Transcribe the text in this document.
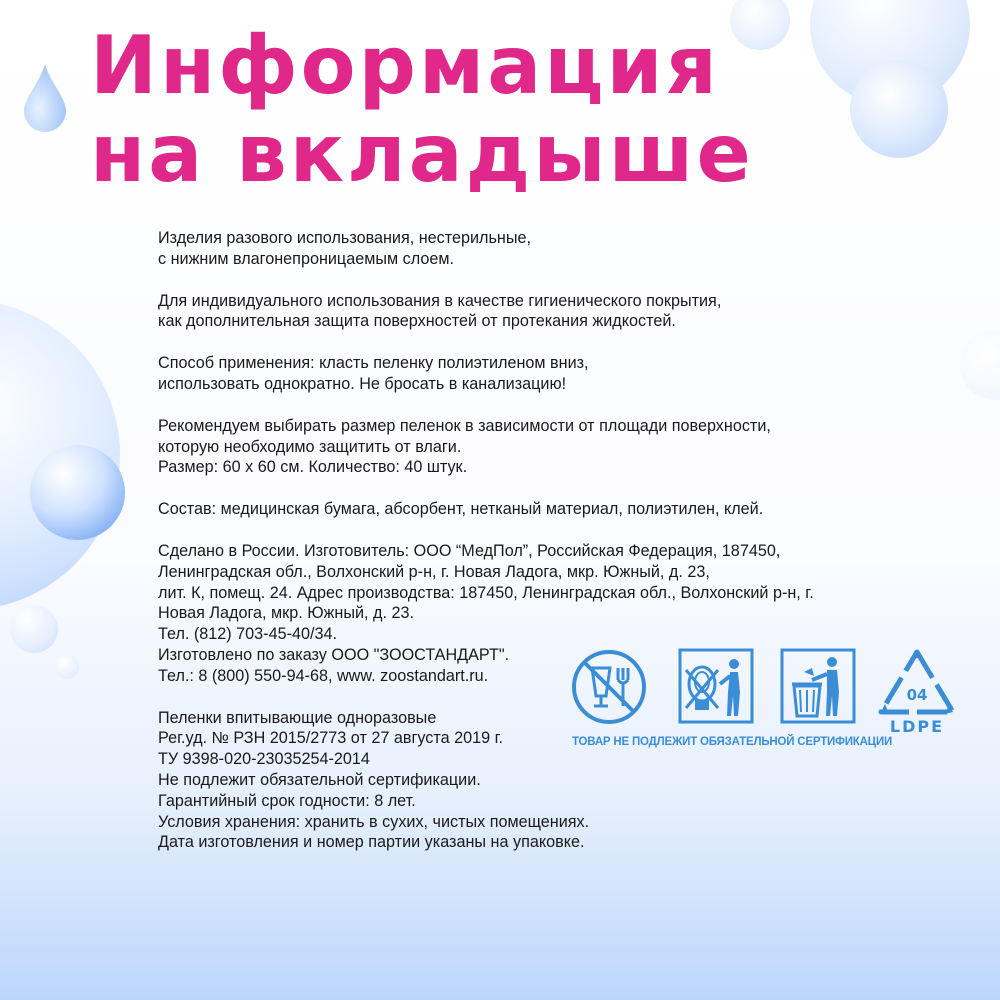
Информация
на вкладыше

Изделия разового использования, нестерильные,
с нижним влагонепроницаемым слоем.

Для индивидуального использования в качестве гигиенического покрытия,
как дополнительная защита поверхностей от протекания жидкостей.

Способ применения: класть пеленку полиэтиленом вниз,
использовать однократно. Не бросать в канализацию!

Рекомендуем выбирать размер пеленок в зависимости от площади поверхности,
которую необходимо защитить от влаги.
Размер: 60 х 60 см. Количество: 40 штук.

Состав: медицинская бумага, абсорбент, нетканый материал, полиэтилен, клей.

Сделано в России. Изготовитель: ООО “МедПол”, Российская Федерация, 187450,
Ленинградская обл., Волхонский р-н, г. Новая Ладога, мкр. Южный, д. 23,
лит. К, помещ. 24. Адрес производства: 187450, Ленинградская обл., Волхонский р-н, г.
Новая Ладога, мкр. Южный, д. 23.
Тел. (812) 703-45-40/34.
Изготовлено по заказу ООО "ЗООСТАНДАРТ".
Тел.: 8 (800) 550-94-68, www. zoostandart.ru.

Пеленки впитывающие одноразовые
Рег.уд. № РЗН 2015/2773 от 27 августа 2019 г.
ТУ 9398-020-23035254-2014
Не подлежит обязательной сертификации.
Гарантийный срок годности: 8 лет.
Условия хранения: хранить в сухих, чистых помещениях.
Дата изготовления и номер партии указаны на упаковке.

04
LDPE
ТОВАР НЕ ПОДЛЕЖИТ ОБЯЗАТЕЛЬНОЙ СЕРТИФИКАЦИИ
